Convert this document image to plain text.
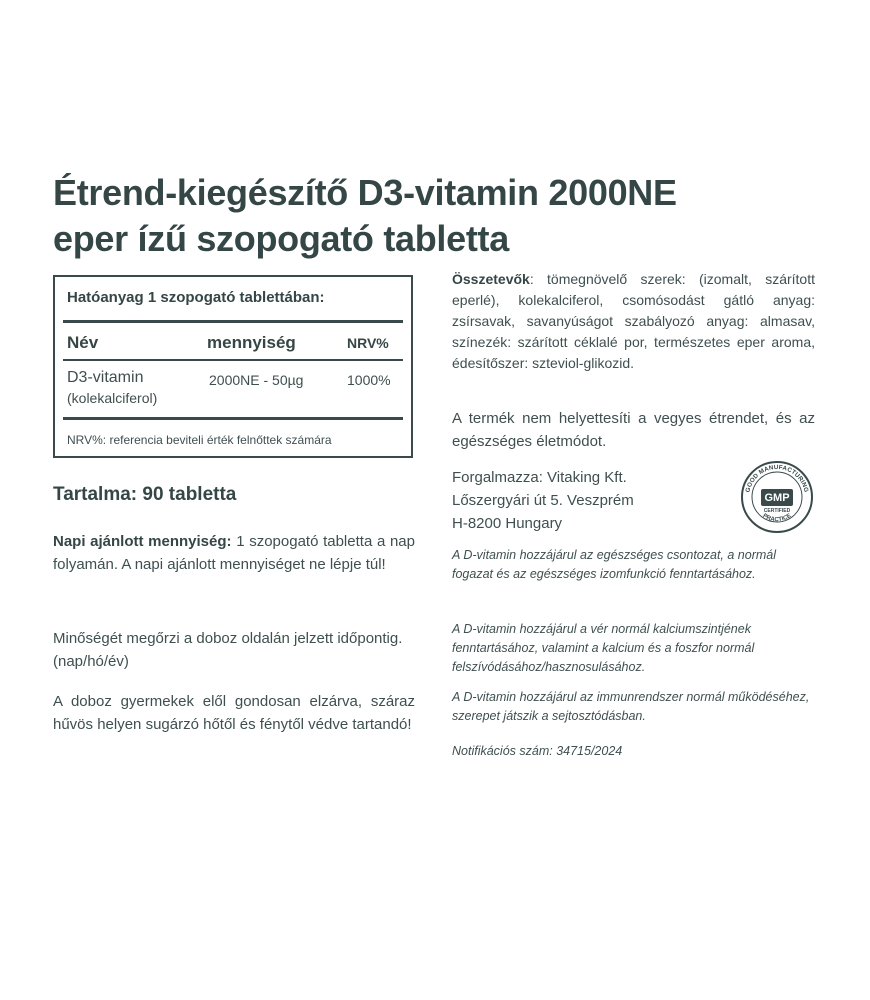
Étrend-kiegészítő D3-vitamin 2000NE
eper ízű szopogató tabletta
Hatóanyag 1 szopogató tablettában:
Név	mennyiség	NRV%
D3-vitamin
(kolekalciferol)
2000NE - 50µg	1000%
NRV%: referencia beviteli érték felnőttek számára
Tartalma: 90 tabletta

Napi ajánlott mennyiség: 1 szopogató tabletta a nap folyamán. A napi ajánlott mennyiséget ne lépje túl!

Minőségét megőrzi a doboz oldalán jelzett időpontig. (nap/hó/év)

A doboz gyermekek elől gondosan elzárva, száraz hűvös helyen sugárzó hőtől és fénytől védve tartandó!

Összetevők: tömegnövelő szerek: (izomalt, szárított eperlé), kolekalciferol, csomósodást gátló anyag: zsírsavak, savanyúságot szabályozó anyag: almasav, színezék: szárított céklalé por, természetes eper aroma, édesítőszer: szteviol-glikozid.

A termék nem helyettesíti a vegyes étrendet, és az egészséges életmódot.

Forgalmazza: Vitaking Kft.
Lőszergyári út 5. Veszprém
H-8200 Hungary

GOOD MANUFACTURING
PRACTICE
GMP
CERTIFIED

A D-vitamin hozzájárul az egészséges csontozat, a normál fogazat és az egészséges izomfunkció fenntartásához.

A D-vitamin hozzájárul a vér normál kalciumszintjének fenntartásához, valamint a kalcium és a foszfor normál felszívódásához/hasznosulásához.

A D-vitamin hozzájárul az immunrendszer normál működéséhez, szerepet játszik a sejtosztódásban.

Notifikációs szám: 34715/2024
